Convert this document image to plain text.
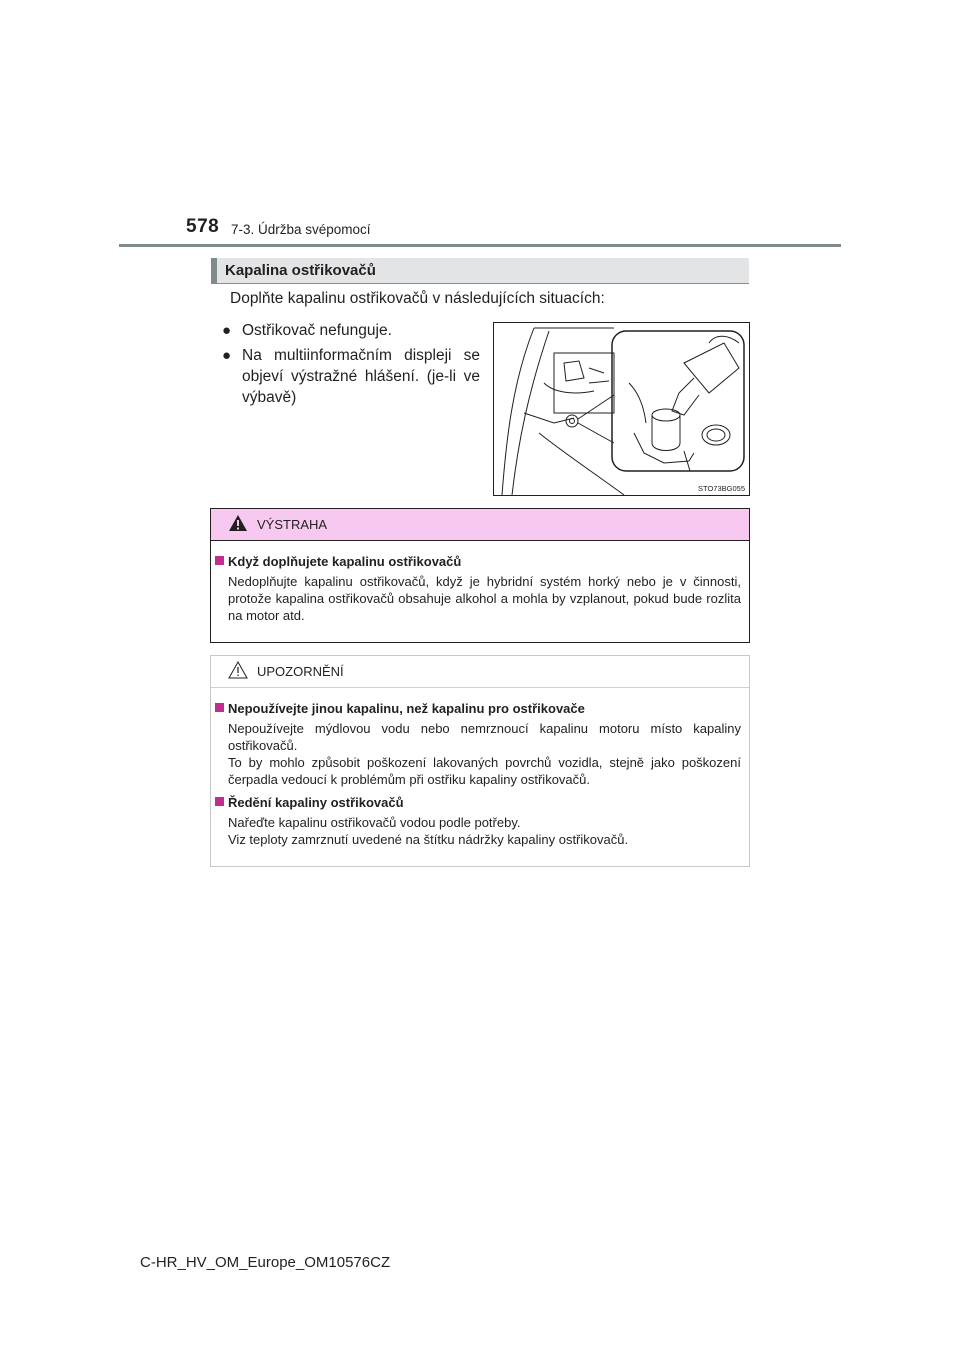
578 7-3. Údržba svépomocí
Kapalina ostřikovačů
Doplňte kapalinu ostřikovačů v následujících situacích:
● Ostřikovač nefunguje.
● Na multiinformačním displeji se objeví výstražné hlášení. (je-li ve výbavě)
STO73BG055
VÝSTRAHA
Když doplňujete kapalinu ostřikovačů
Nedoplňujte kapalinu ostřikovačů, když je hybridní systém horký nebo je v činnosti, protože kapalina ostřikovačů obsahuje alkohol a mohla by vzplanout, pokud bude rozlita na motor atd.
UPOZORNĚNÍ
Nepoužívejte jinou kapalinu, než kapalinu pro ostřikovače
Nepoužívejte mýdlovou vodu nebo nemrznoucí kapalinu motoru místo kapaliny ostřikovačů.
To by mohlo způsobit poškození lakovaných povrchů vozidla, stejně jako poškození čerpadla vedoucí k problémům při ostřiku kapaliny ostřikovačů.
Ředění kapaliny ostřikovačů
Nařeďte kapalinu ostřikovačů vodou podle potřeby.
Viz teploty zamrznutí uvedené na štítku nádržky kapaliny ostřikovačů.
C-HR_HV_OM_Europe_OM10576CZ
